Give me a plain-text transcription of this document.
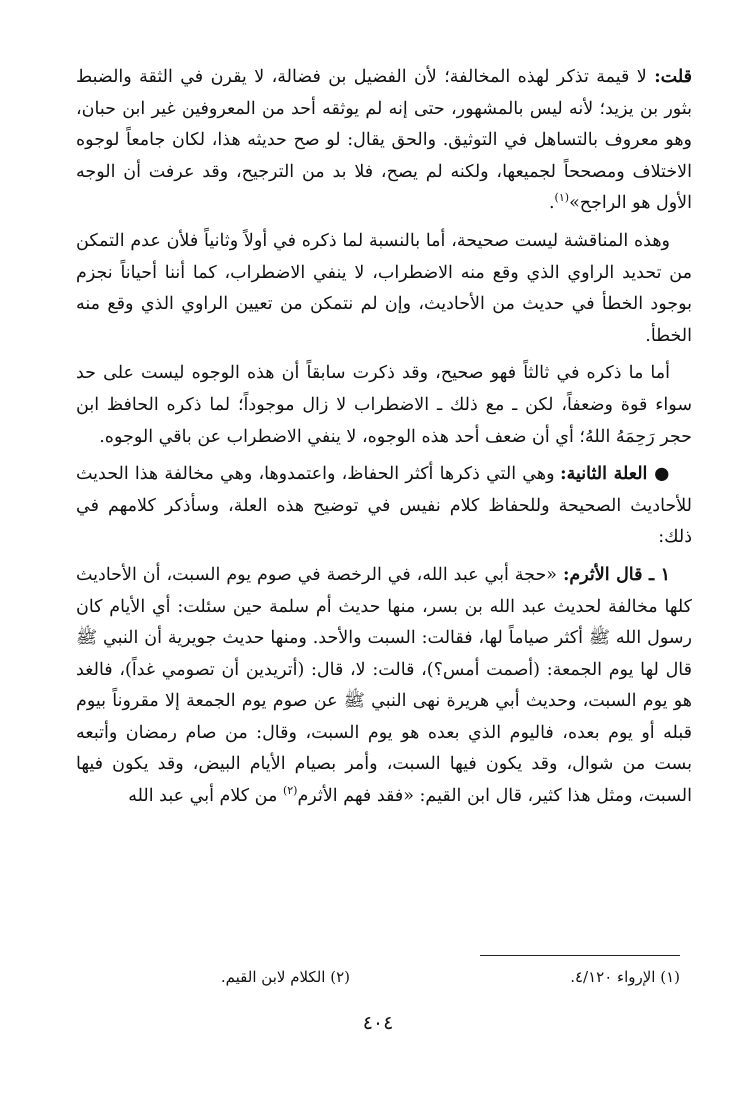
قلت: لا قيمة تذكر لهذه المخالفة؛ لأن الفضيل بن فضالة، لا يقرن في الثقة والضبط بثور بن يزيد؛ لأنه ليس بالمشهور، حتى إنه لم يوثقه أحد من المعروفين غير ابن حبان، وهو معروف بالتساهل في التوثيق. والحق يقال: لو صح حديثه هذا، لكان جامعاً لوجوه الاختلاف ومصححاً لجميعها، ولكنه لم يصح، فلا بد من الترجيح، وقد عرفت أن الوجه الأول هو الراجح»$^{(١)}$.

وهذه المناقشة ليست صحيحة، أما بالنسبة لما ذكره في أولاً وثانياً فلأن عدم التمكن من تحديد الراوي الذي وقع منه الاضطراب، لا ينفي الاضطراب، كما أننا أحياناً نجزم بوجود الخطأ في حديث من الأحاديث، وإن لم نتمكن من تعيين الراوي الذي وقع منه الخطأ.

أما ما ذكره في ثالثاً فهو صحيح، وقد ذكرت سابقاً أن هذه الوجوه ليست على حد سواء قوة وضعفاً، لكن ـ مع ذلك ـ الاضطراب لا زال موجوداً؛ لما ذكره الحافظ ابن حجر رَحِمَهُ اللهُ؛ أي أن ضعف أحد هذه الوجوه، لا ينفي الاضطراب عن باقي الوجوه.

● العلة الثانية: وهي التي ذكرها أكثر الحفاظ، واعتمدوها، وهي مخالفة هذا الحديث للأحاديث الصحيحة وللحفاظ كلام نفيس في توضيح هذه العلة، وسأذكر كلامهم في ذلك:

١ ـ قال الأثرم: «حجة أبي عبد الله، في الرخصة في صوم يوم السبت، أن الأحاديث كلها مخالفة لحديث عبد الله بن بسر، منها حديث أم سلمة حين سئلت: أي الأيام كان رسول الله ﷺ أكثر صياماً لها، فقالت: السبت والأحد. ومنها حديث جويرية أن النبي ﷺ قال لها يوم الجمعة: (أصمت أمس؟)، قالت: لا، قال: (أتريدين أن تصومي غداً)، فالغد هو يوم السبت، وحديث أبي هريرة نهى النبي ﷺ عن صوم يوم الجمعة إلا مقروناً بيوم قبله أو يوم بعده، فاليوم الذي بعده هو يوم السبت، وقال: من صام رمضان وأتبعه بست من شوال، وقد يكون فيها السبت، وأمر بصيام الأيام البيض، وقد يكون فيها السبت، ومثل هذا كثير، قال ابن القيم: «فقد فهم الأثرم$^{(٢)}$ من كلام أبي عبد الله

(١) الإرواء ٤/١٢٠.
(٢) الكلام لابن القيم.
٤٠٤
